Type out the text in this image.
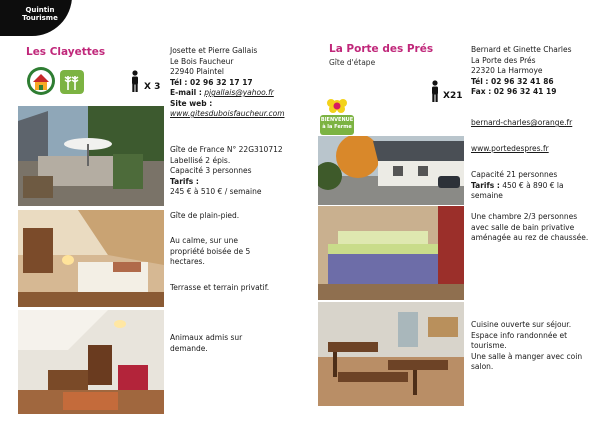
Quintin
Tourisme
Les Clayettes
X 3
Josette et Pierre Gallais
Le Bois Faucheur
22940 Plaintel
Tél : 02 96 32 17 17
E-mail : pjgallais@yahoo.fr
Site web :
www.gitesduboisfaucheur.com
Gîte de France N° 22G310712
Labellisé 2 épis.
Capacité 3 personnes
Tarifs :
245 € à 510 € / semaine
Gîte de plain-pied.
Au calme, sur une propriété boisée de 5 hectares.
Terrasse et terrain privatif.
Animaux admis sur demande.
La Porte des Prés
Gîte d'étape
BIENVENUE
à la Ferme
X21
Bernard et Ginette Charles
La Porte des Prés
22320 La Harmoye
Tél : 02 96 32 41 86
Fax : 02 96 32 41 19
bernard-charles@orange.fr
www.portedespres.fr
Capacité 21 personnes
Tarifs : 450 € à 890 € la semaine
Une chambre 2/3 personnes avec salle de bain privative aménagée au rez de chaussée.
Cuisine ouverte sur séjour.
Espace info randonnée et tourisme.
Une salle à manger avec coin salon.
